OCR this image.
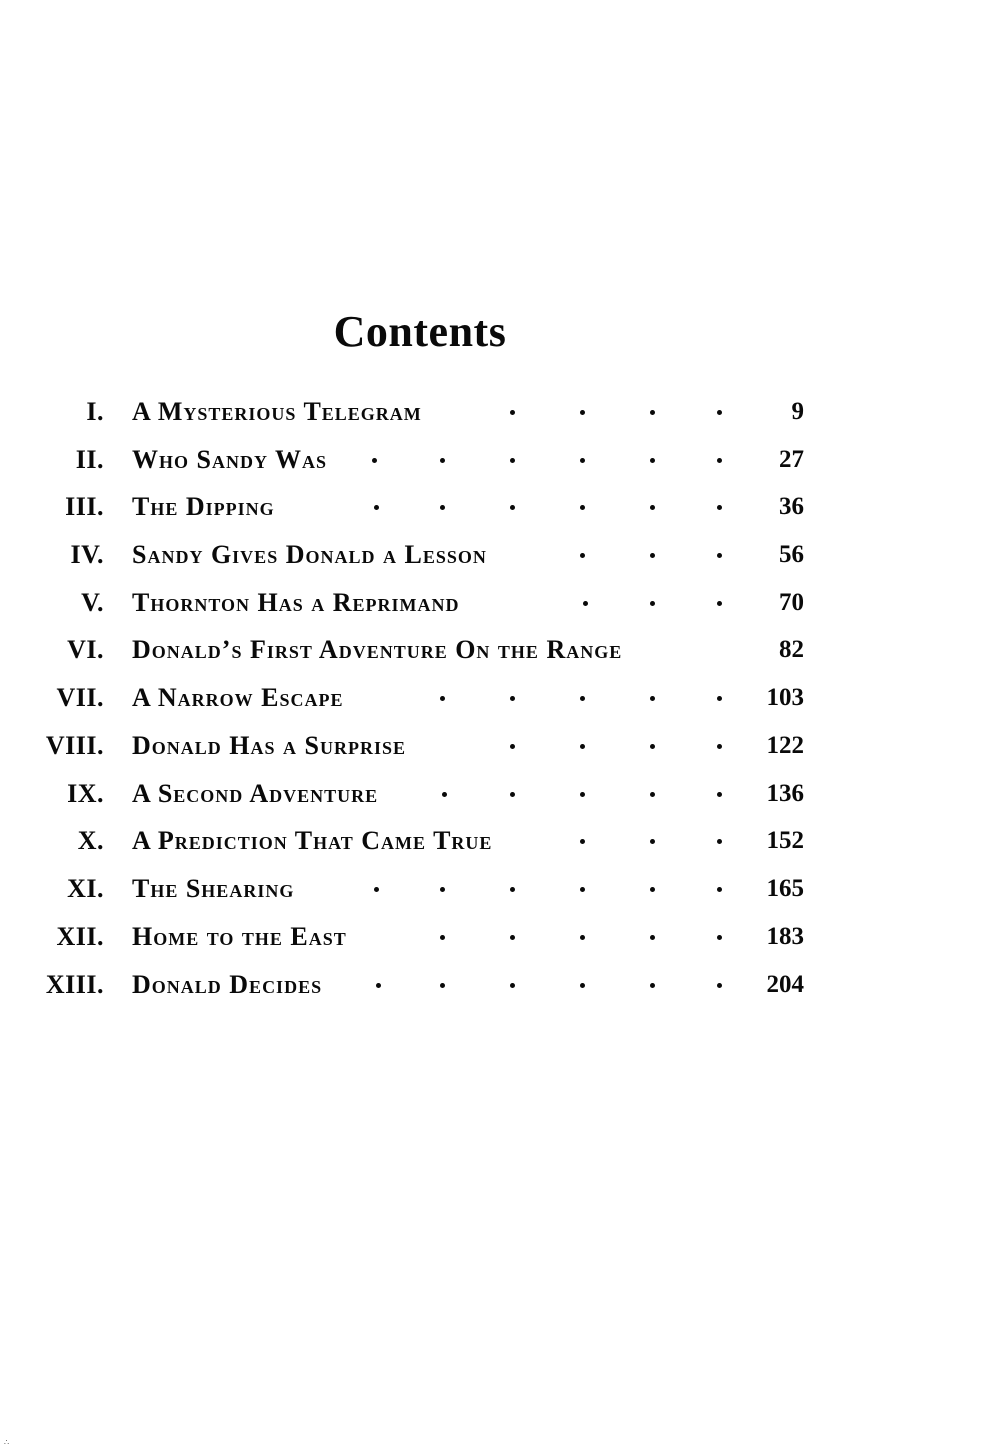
Contents
I. A Mysterious Telegram	9
II. Who Sandy Was	27
III. The Dipping	36
IV. Sandy Gives Donald a Lesson	56
V. Thornton Has a Reprimand	70
VI. Donald’s First Adventure On the Range	82
VII. A Narrow Escape	103
VIII. Donald Has a Surprise	122
IX. A Second Adventure	136
X. A Prediction That Came True	152
XI. The Shearing	165
XII. Home to the East	183
XIII. Donald Decides	204
∴
